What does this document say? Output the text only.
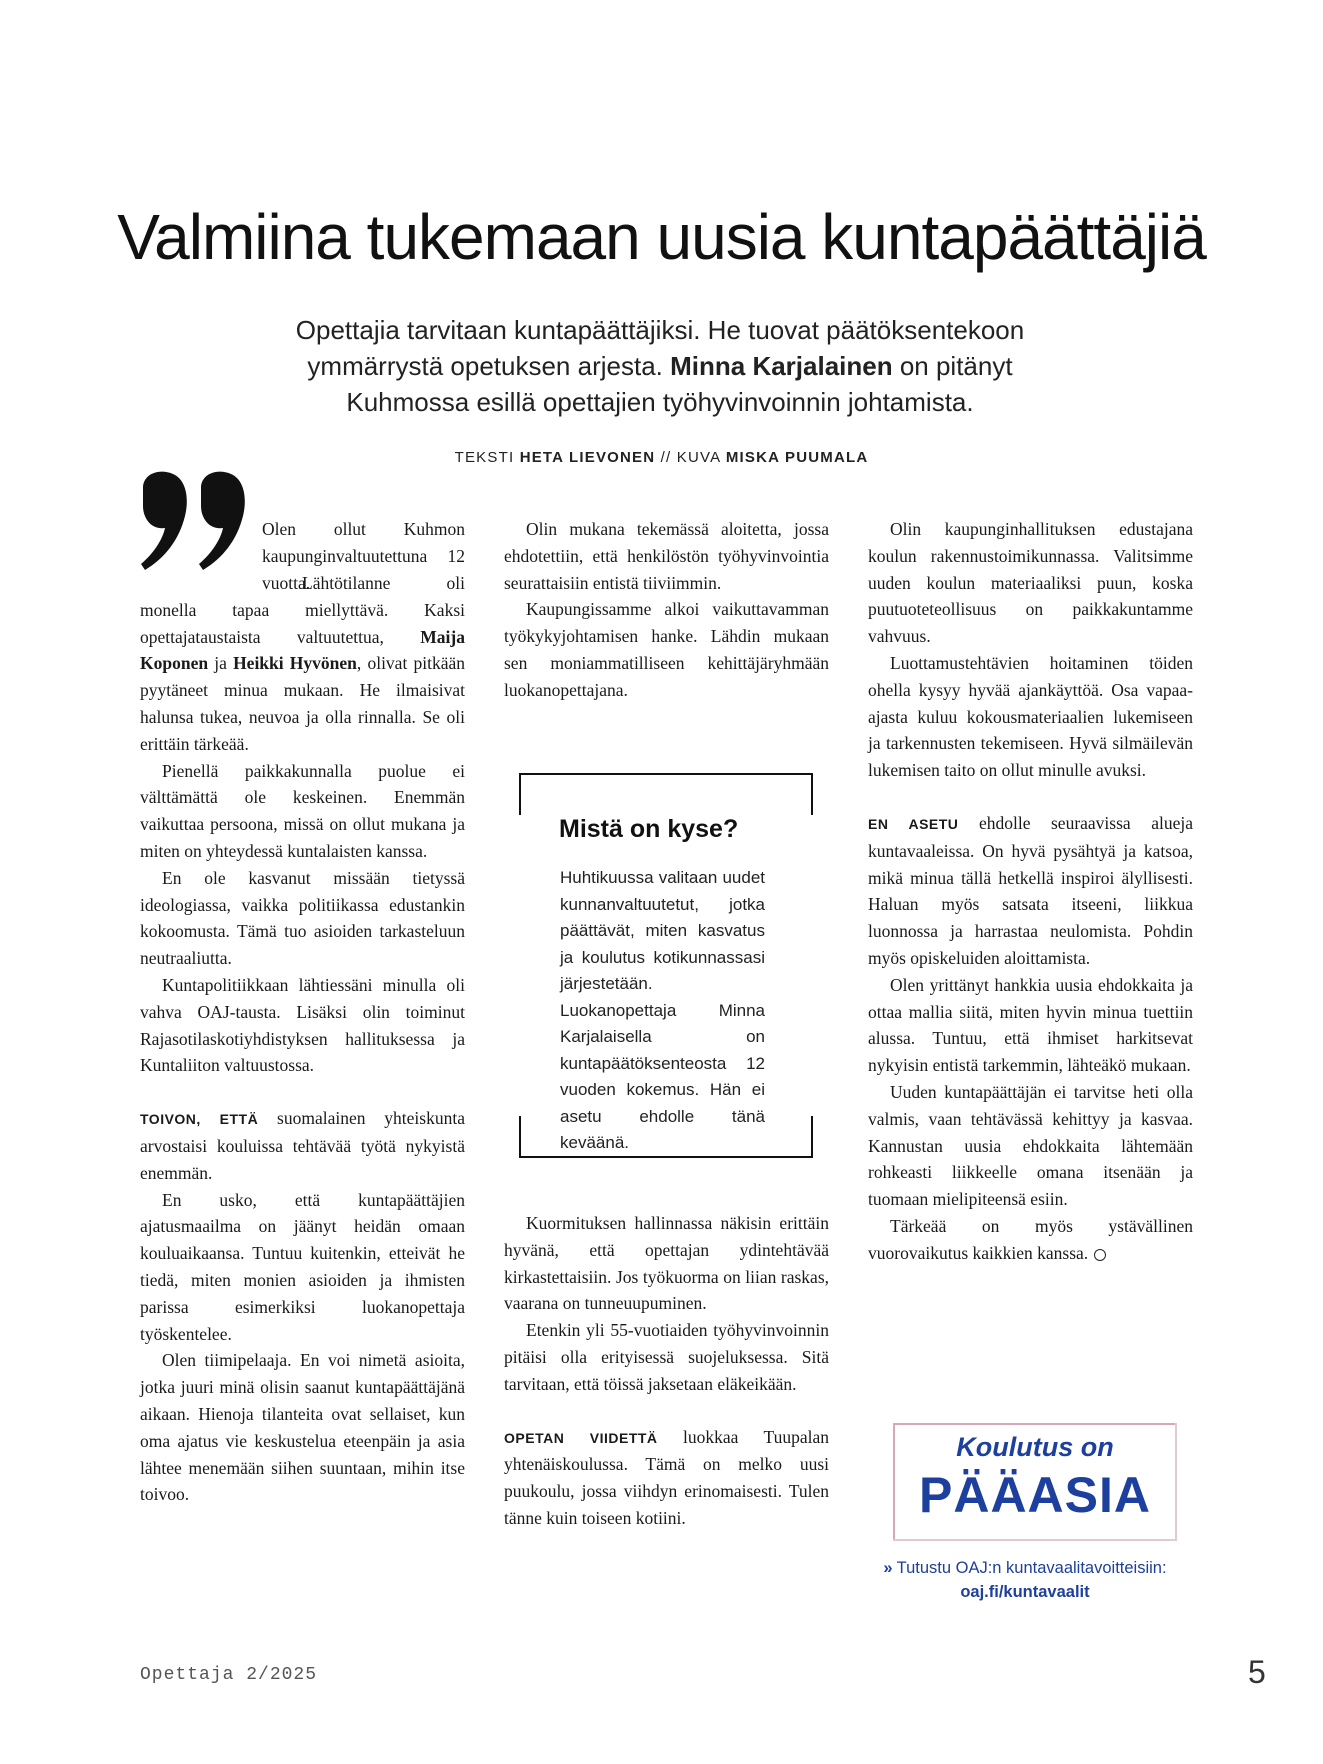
Valmiina tukemaan uusia kuntapäättäjiä

Opettajia tarvitaan kuntapäättäjiksi. He tuovat päätöksentekoon ymmärrystä opetuksen arjesta. Minna Karjalainen on pitänyt Kuhmossa esillä opettajien työhyvinvoinnin johtamista.

TEKSTI HETA LIEVONEN // KUVA MISKA PUUMALA

Olen ollut Kuhmon kaupunginvaltuutettuna 12 vuotta.

Lähtötilanne oli monella tapaa miellyttävä. Kaksi opettajataustaista valtuutettua, Maija Koponen ja Heikki Hyvönen, olivat pitkään pyytäneet minua mukaan. He ilmaisivat halunsa tukea, neuvoa ja olla rinnalla. Se oli erittäin tärkeää.

Pienellä paikkakunnalla puolue ei välttämättä ole keskeinen. Enemmän vaikuttaa persoona, missä on ollut mukana ja miten on yhteydessä kuntalaisten kanssa.

En ole kasvanut missään tietyssä ideologiassa, vaikka politiikassa edustankin kokoomusta. Tämä tuo asioiden tarkasteluun neutraaliutta.

Kuntapolitiikkaan lähtiessäni minulla oli vahva OAJ-tausta. Lisäksi olin toiminut Rajasotilaskotiyhdistyksen hallituksessa ja Kuntaliiton valtuustossa.

TOIVON, ETTÄ suomalainen yhteiskunta arvostaisi kouluissa tehtävää työtä nykyistä enemmän.

En usko, että kuntapäättäjien ajatusmaailma on jäänyt heidän omaan kouluaikaansa. Tuntuu kuitenkin, etteivät he tiedä, miten monien asioiden ja ihmisten parissa esimerkiksi luokanopettaja työskentelee.

Olen tiimipelaaja. En voi nimetä asioita, jotka juuri minä olisin saanut kuntapäättäjänä aikaan. Hienoja tilanteita ovat sellaiset, kun oma ajatus vie keskustelua eteenpäin ja asia lähtee menemään siihen suuntaan, mihin itse toivoo.

Olin mukana tekemässä aloitetta, jossa ehdotettiin, että henkilöstön työhyvinvointia seurattaisiin entistä tiiviimmin.

Kaupungissamme alkoi vaikuttavamman työkykyjohtamisen hanke. Lähdin mukaan sen moniammatilliseen kehittäjäryhmään luokanopettajana.

Mistä on kyse?

Huhtikuussa valitaan uudet kunnanvaltuutetut, jotka päättävät, miten kasvatus ja koulutus kotikunnassasi järjestetään. Luokanopettaja Minna Karjalaisella on kuntapäätöksenteosta 12 vuoden kokemus. Hän ei asetu ehdolle tänä keväänä.

Kuormituksen hallinnassa näkisin erittäin hyvänä, että opettajan ydintehtävää kirkastettaisiin. Jos työkuorma on liian raskas, vaarana on tunneuupuminen.

Etenkin yli 55-vuotiaiden työhyvinvoinnin pitäisi olla erityisessä suojeluksessa. Sitä tarvitaan, että töissä jaksetaan eläkeikään.

OPETAN VIIDETTÄ luokkaa Tuupalan yhtenäiskoulussa. Tämä on melko uusi puukoulu, jossa viihdyn erinomaisesti. Tulen tänne kuin toiseen kotiini.

Olin kaupunginhallituksen edustajana koulun rakennustoimikunnassa. Valitsimme uuden koulun materiaaliksi puun, koska puutuoteteollisuus on paikkakuntamme vahvuus.

Luottamustehtävien hoitaminen töiden ohella kysyy hyvää ajankäyttöä. Osa vapaa-ajasta kuluu kokousmateriaalien lukemiseen ja tarkennusten tekemiseen. Hyvä silmäilevän lukemisen taito on ollut minulle avuksi.

EN ASETU ehdolle seuraavissa alueja kuntavaaleissa. On hyvä pysähtyä ja katsoa, mikä minua tällä hetkellä inspiroi älyllisesti. Haluan myös satsata itseeni, liikkua luonnossa ja harrastaa neulomista. Pohdin myös opiskeluiden aloittamista.

Olen yrittänyt hankkia uusia ehdokkaita ja ottaa mallia siitä, miten hyvin minua tuettiin alussa. Tuntuu, että ihmiset harkitsevat nykyisin entistä tarkemmin, lähteäkö mukaan.

Uuden kuntapäättäjän ei tarvitse heti olla valmis, vaan tehtävässä kehittyy ja kasvaa. Kannustan uusia ehdokkaita lähtemään rohkeasti liikkeelle omana itsenään ja tuomaan mielipiteensä esiin.

Tärkeää on myös ystävällinen vuorovaikutus kaikkien kanssa.

Koulutus on
PÄÄASIA
» Tutustu OAJ:n kuntavaalitavoitteisiin:
oaj.fi/kuntavaalit
Opettaja 2/2025	5
